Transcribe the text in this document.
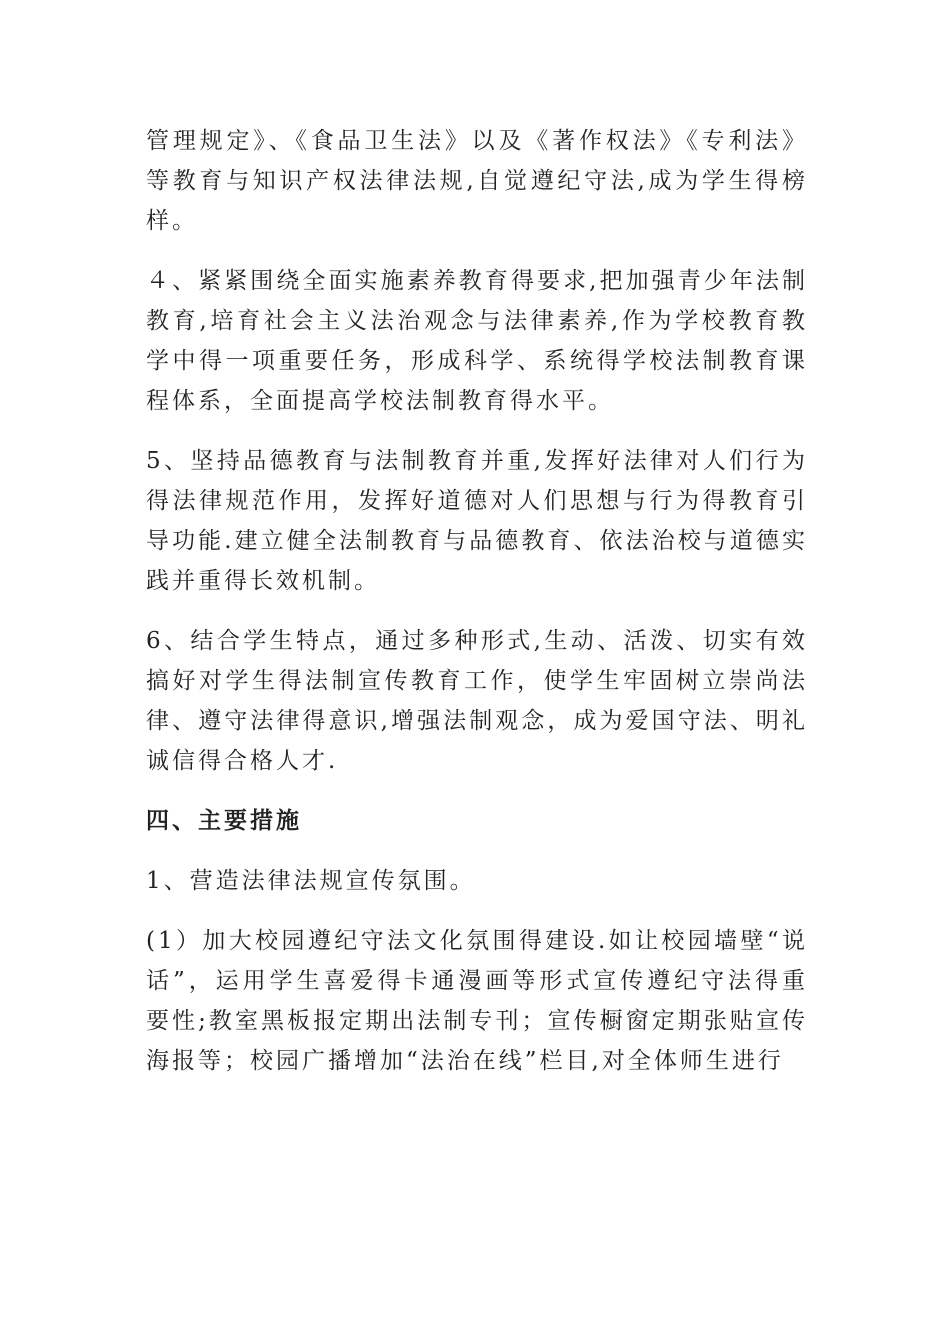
管理规定》、《食品卫生法》以及《著作权法》《专利法》等教育与知识产权法律法规,自觉遵纪守法,成为学生得榜样。

４、紧紧围绕全面实施素养教育得要求,把加强青少年法制教育,培育社会主义法治观念与法律素养,作为学校教育教学中得一项重要任务，形成科学、系统得学校法制教育课程体系，全面提高学校法制教育得水平。

5、坚持品德教育与法制教育并重,发挥好法律对人们行为得法律规范作用，发挥好道德对人们思想与行为得教育引导功能.建立健全法制教育与品德教育、依法治校与道德实践并重得长效机制。

6、结合学生特点，通过多种形式,生动、活泼、切实有效搞好对学生得法制宣传教育工作，使学生牢固树立崇尚法律、遵守法律得意识,增强法制观念，成为爱国守法、明礼诚信得合格人才.

四、主要措施

1、营造法律法规宣传氛围。

(1）加大校园遵纪守法文化氛围得建设.如让校园墙壁“说话”，运用学生喜爱得卡通漫画等形式宣传遵纪守法得重要性;教室黑板报定期出法制专刊；宣传橱窗定期张贴宣传海报等；校园广播增加“法治在线”栏目,对全体师生进行
